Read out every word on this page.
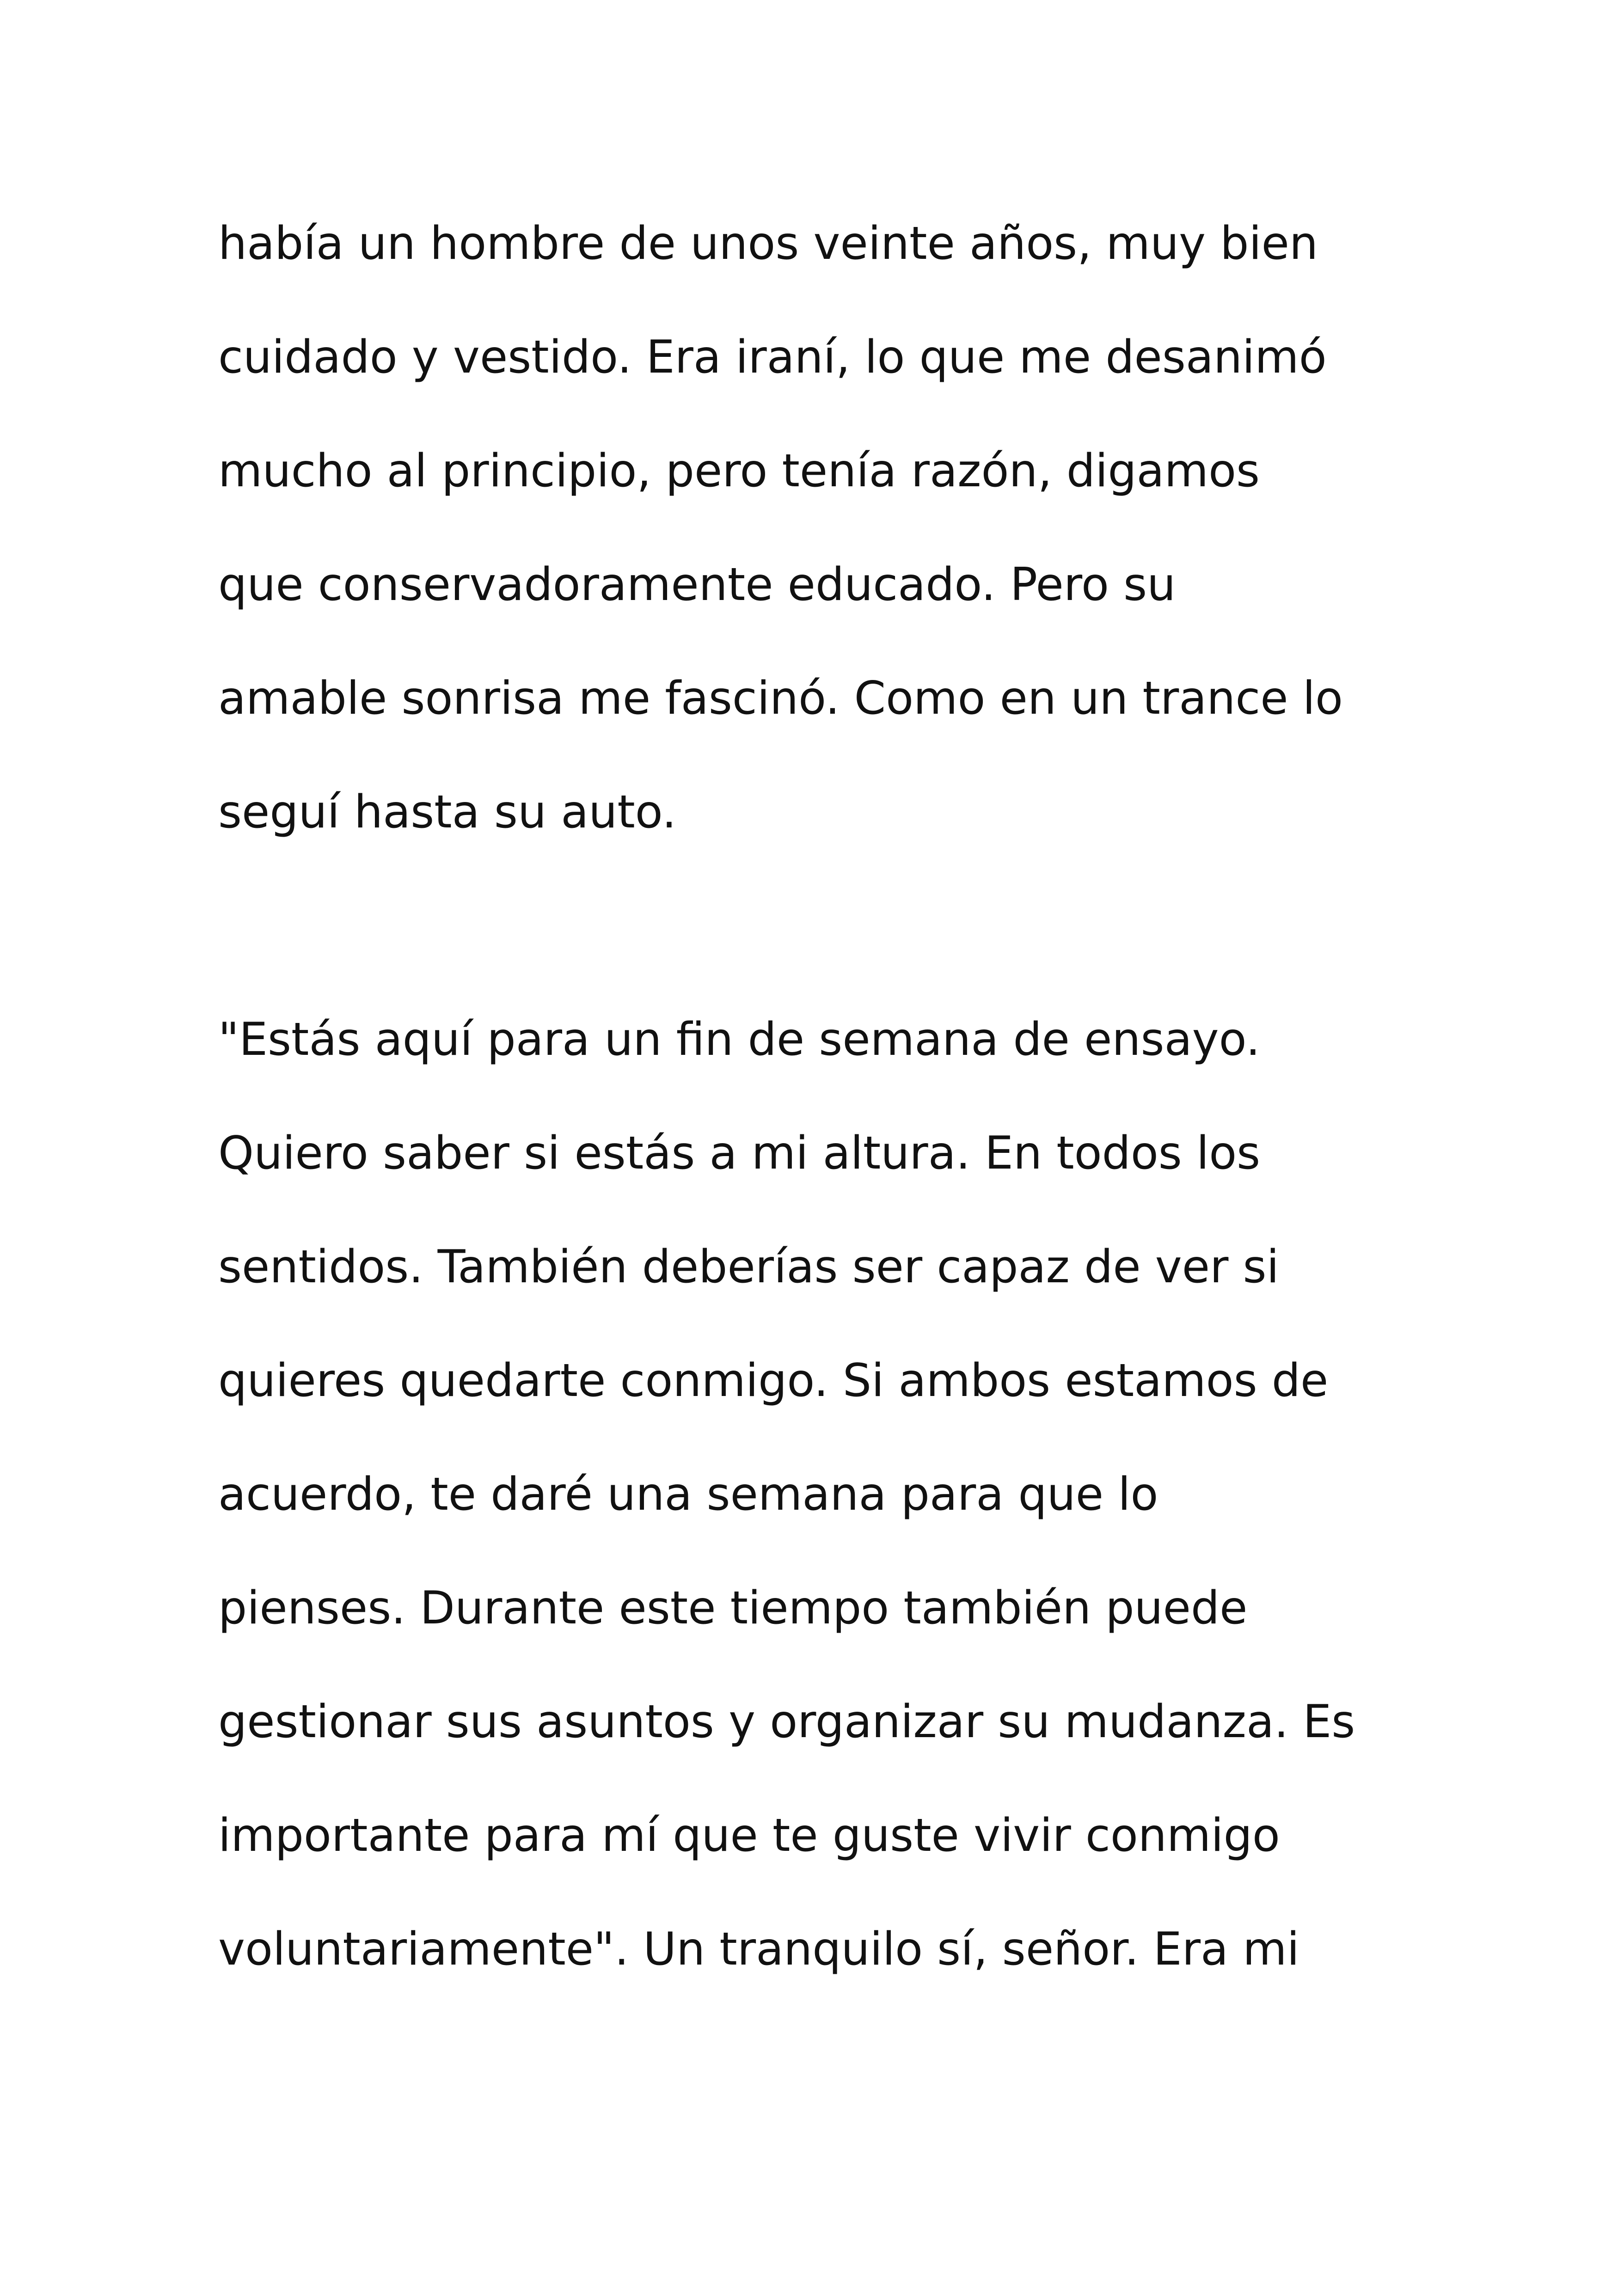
había un hombre de unos veinte años, muy bien
cuidado y vestido. Era iraní, lo que me desanimó
mucho al principio, pero tenía razón, digamos
que conservadoramente educado. Pero su
amable sonrisa me fascinó. Como en un trance lo
seguí hasta su auto.
"Estás aquí para un fin de semana de ensayo.
Quiero saber si estás a mi altura. En todos los
sentidos. También deberías ser capaz de ver si
quieres quedarte conmigo. Si ambos estamos de
acuerdo, te daré una semana para que lo
pienses. Durante este tiempo también puede
gestionar sus asuntos y organizar su mudanza. Es
importante para mí que te guste vivir conmigo
voluntariamente". Un tranquilo sí, señor. Era mi
